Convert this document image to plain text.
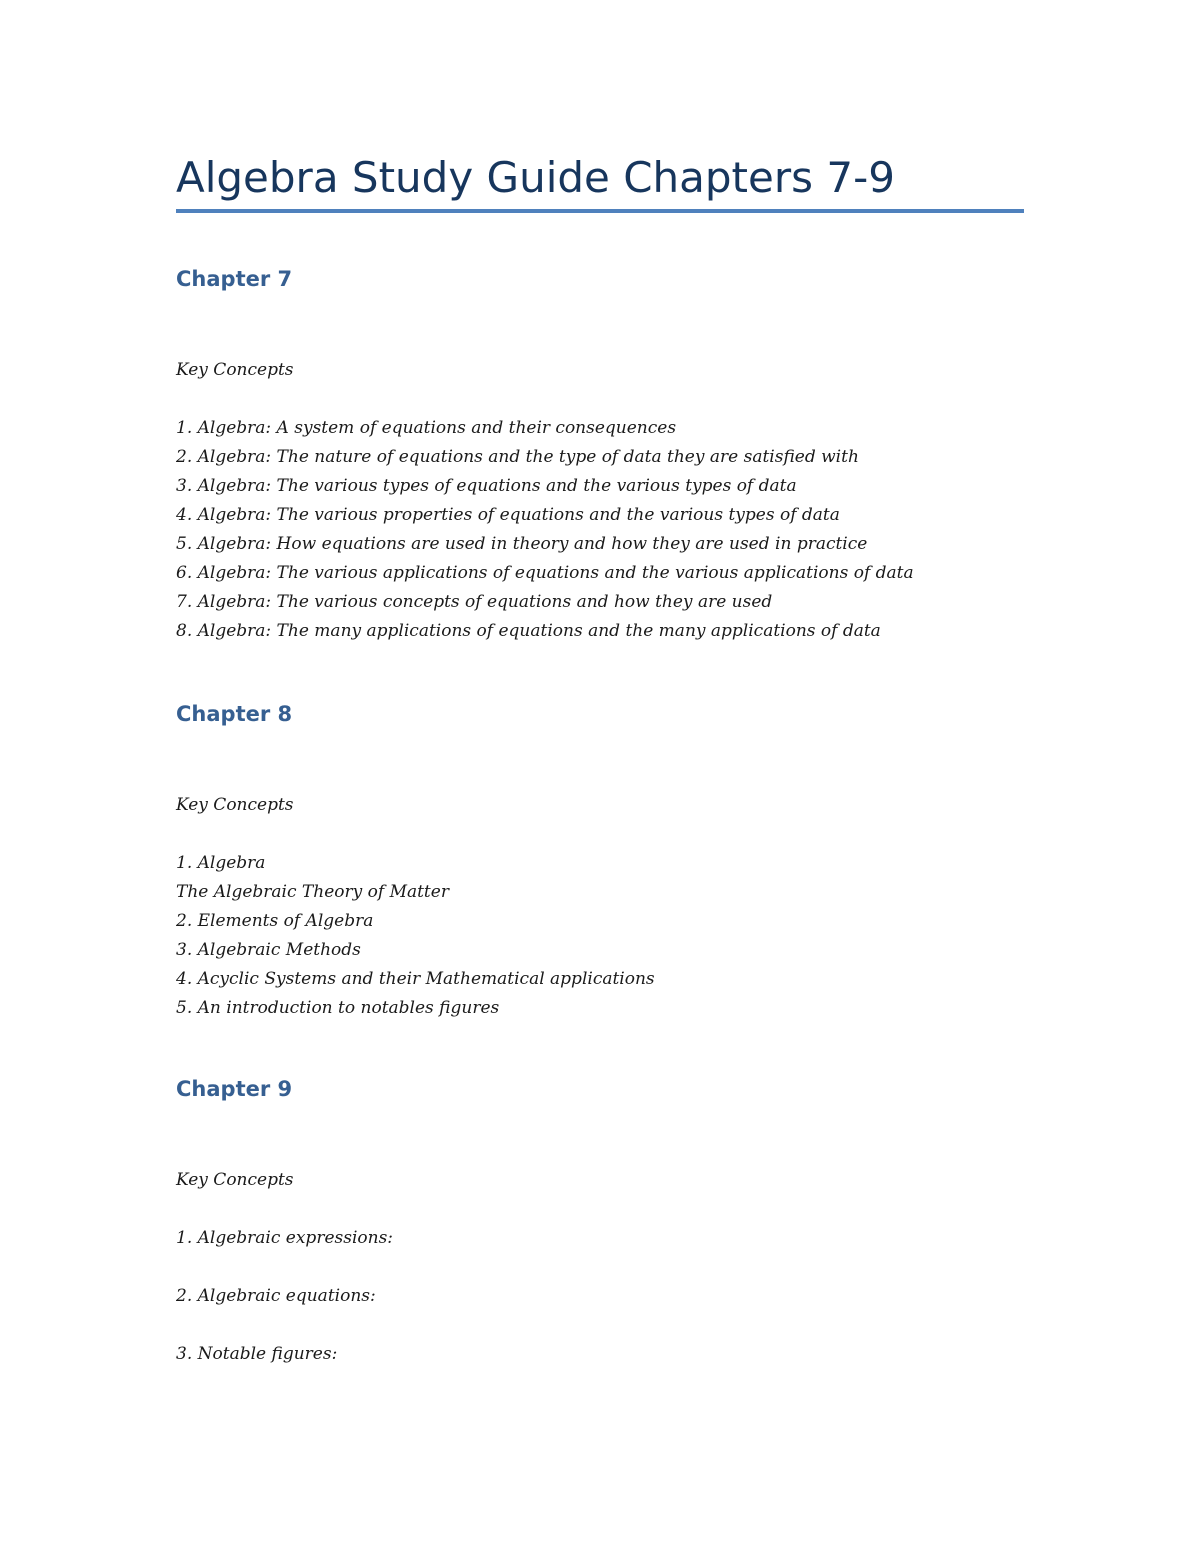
Algebra Study Guide Chapters 7-9
Chapter 7

Key Concepts

1. Algebra: A system of equations and their consequences
2. Algebra: The nature of equations and the type of data they are satisfied with
3. Algebra: The various types of equations and the various types of data
4. Algebra: The various properties of equations and the various types of data
5. Algebra: How equations are used in theory and how they are used in practice
6. Algebra: The various applications of equations and the various applications of data
7. Algebra: The various concepts of equations and how they are used
8. Algebra: The many applications of equations and the many applications of data
Chapter 8

Key Concepts

1. Algebra
The Algebraic Theory of Matter
2. Elements of Algebra
3. Algebraic Methods
4. Acyclic Systems and their Mathematical applications
5. An introduction to notables figures
Chapter 9

Key Concepts

1. Algebraic expressions:
2. Algebraic equations:
3. Notable figures:
